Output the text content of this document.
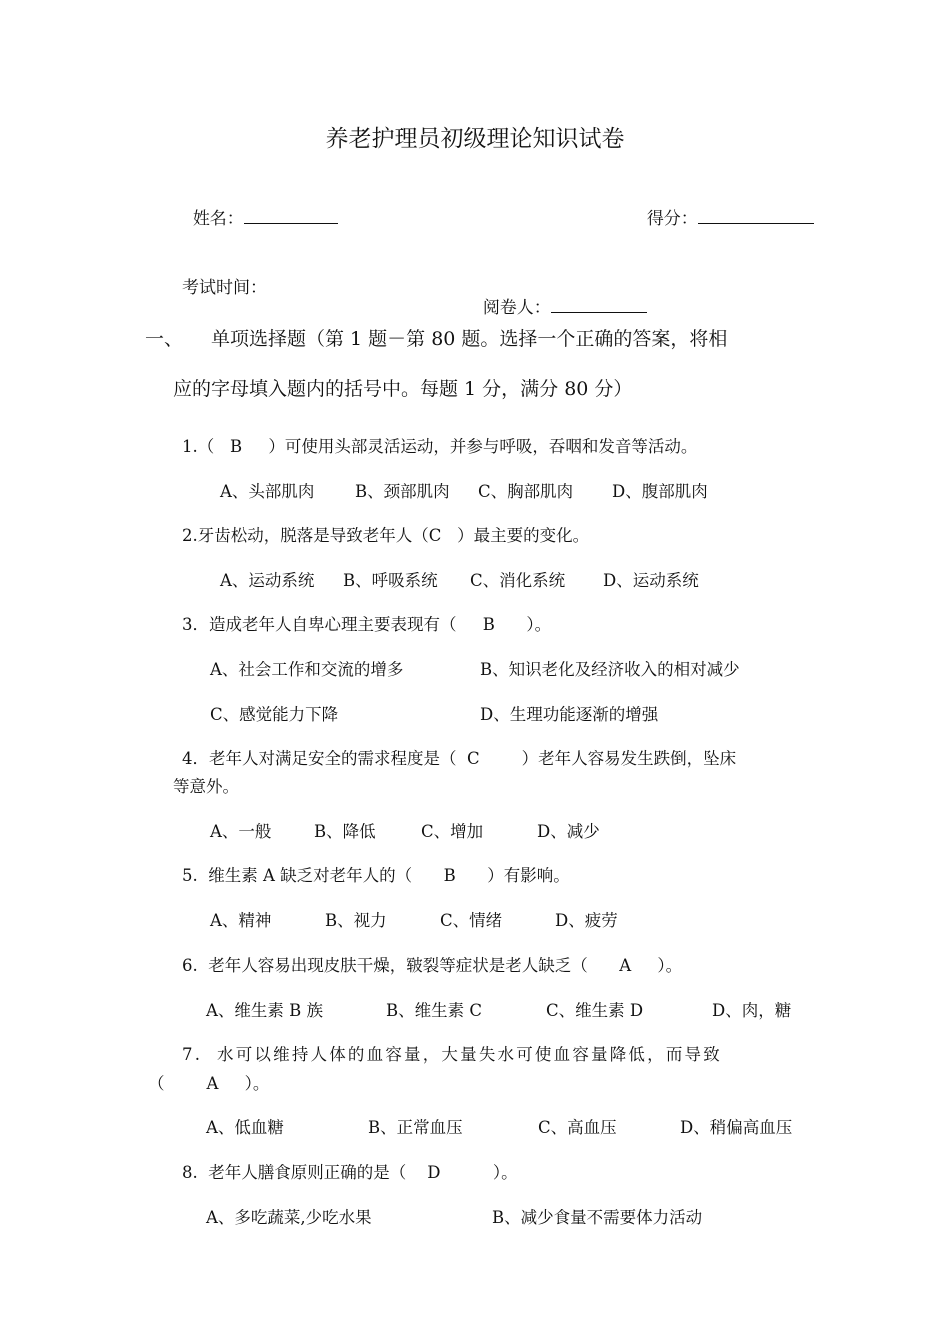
养老护理员初级理论知识试卷

姓名：	得分：

考试时间：

阅卷人：

一、 单项选择题（第 1 题－第 80 题。选择一个正确的答案，将相
应的字母填入题内的括号中。每题 1 分，满分 80 分）
1.（   B     ）可使用头部灵活运动，并参与呼吸，吞咽和发音等活动。
A、头部肌肉 B、颈部肌肉 C、胸部肌肉 D、腹部肌肉
2.牙齿松动，脱落是导致老年人（C   ）最主要的变化。
A、运动系统 B、呼吸系统 C、消化系统 D、运动系统
3．造成老年人自卑心理主要表现有（     B      ）。
A、社会工作和交流的增多	B、知识老化及经济收入的相对减少
C、感觉能力下降	D、生理功能逐渐的增强
4．老年人对满足安全的需求程度是（  C        ）老年人容易发生跌倒，坠床
等意外。
A、一般	B、降低	C、增加	D、减少
5.  维生素 A 缺乏对老年人的（      B      ）有影响。
A、精神	B、视力	C、情绪	D、疲劳
6.  老年人容易出现皮肤干燥，皲裂等症状是老人缺乏（      A     ）。
A、维生素 B 族	B、维生素 C	C、维生素 D	D、肉，糖
7.  水可以维持人体的血容量，大量失水可使血容量降低，而导致
（        A     ）。
A、低血糖	B、正常血压	C、高血压	D、稍偏高血压
8.  老年人膳食原则正确的是（    D          ）。
A、多吃蔬菜,少吃水果	B、减少食量不需要体力活动
